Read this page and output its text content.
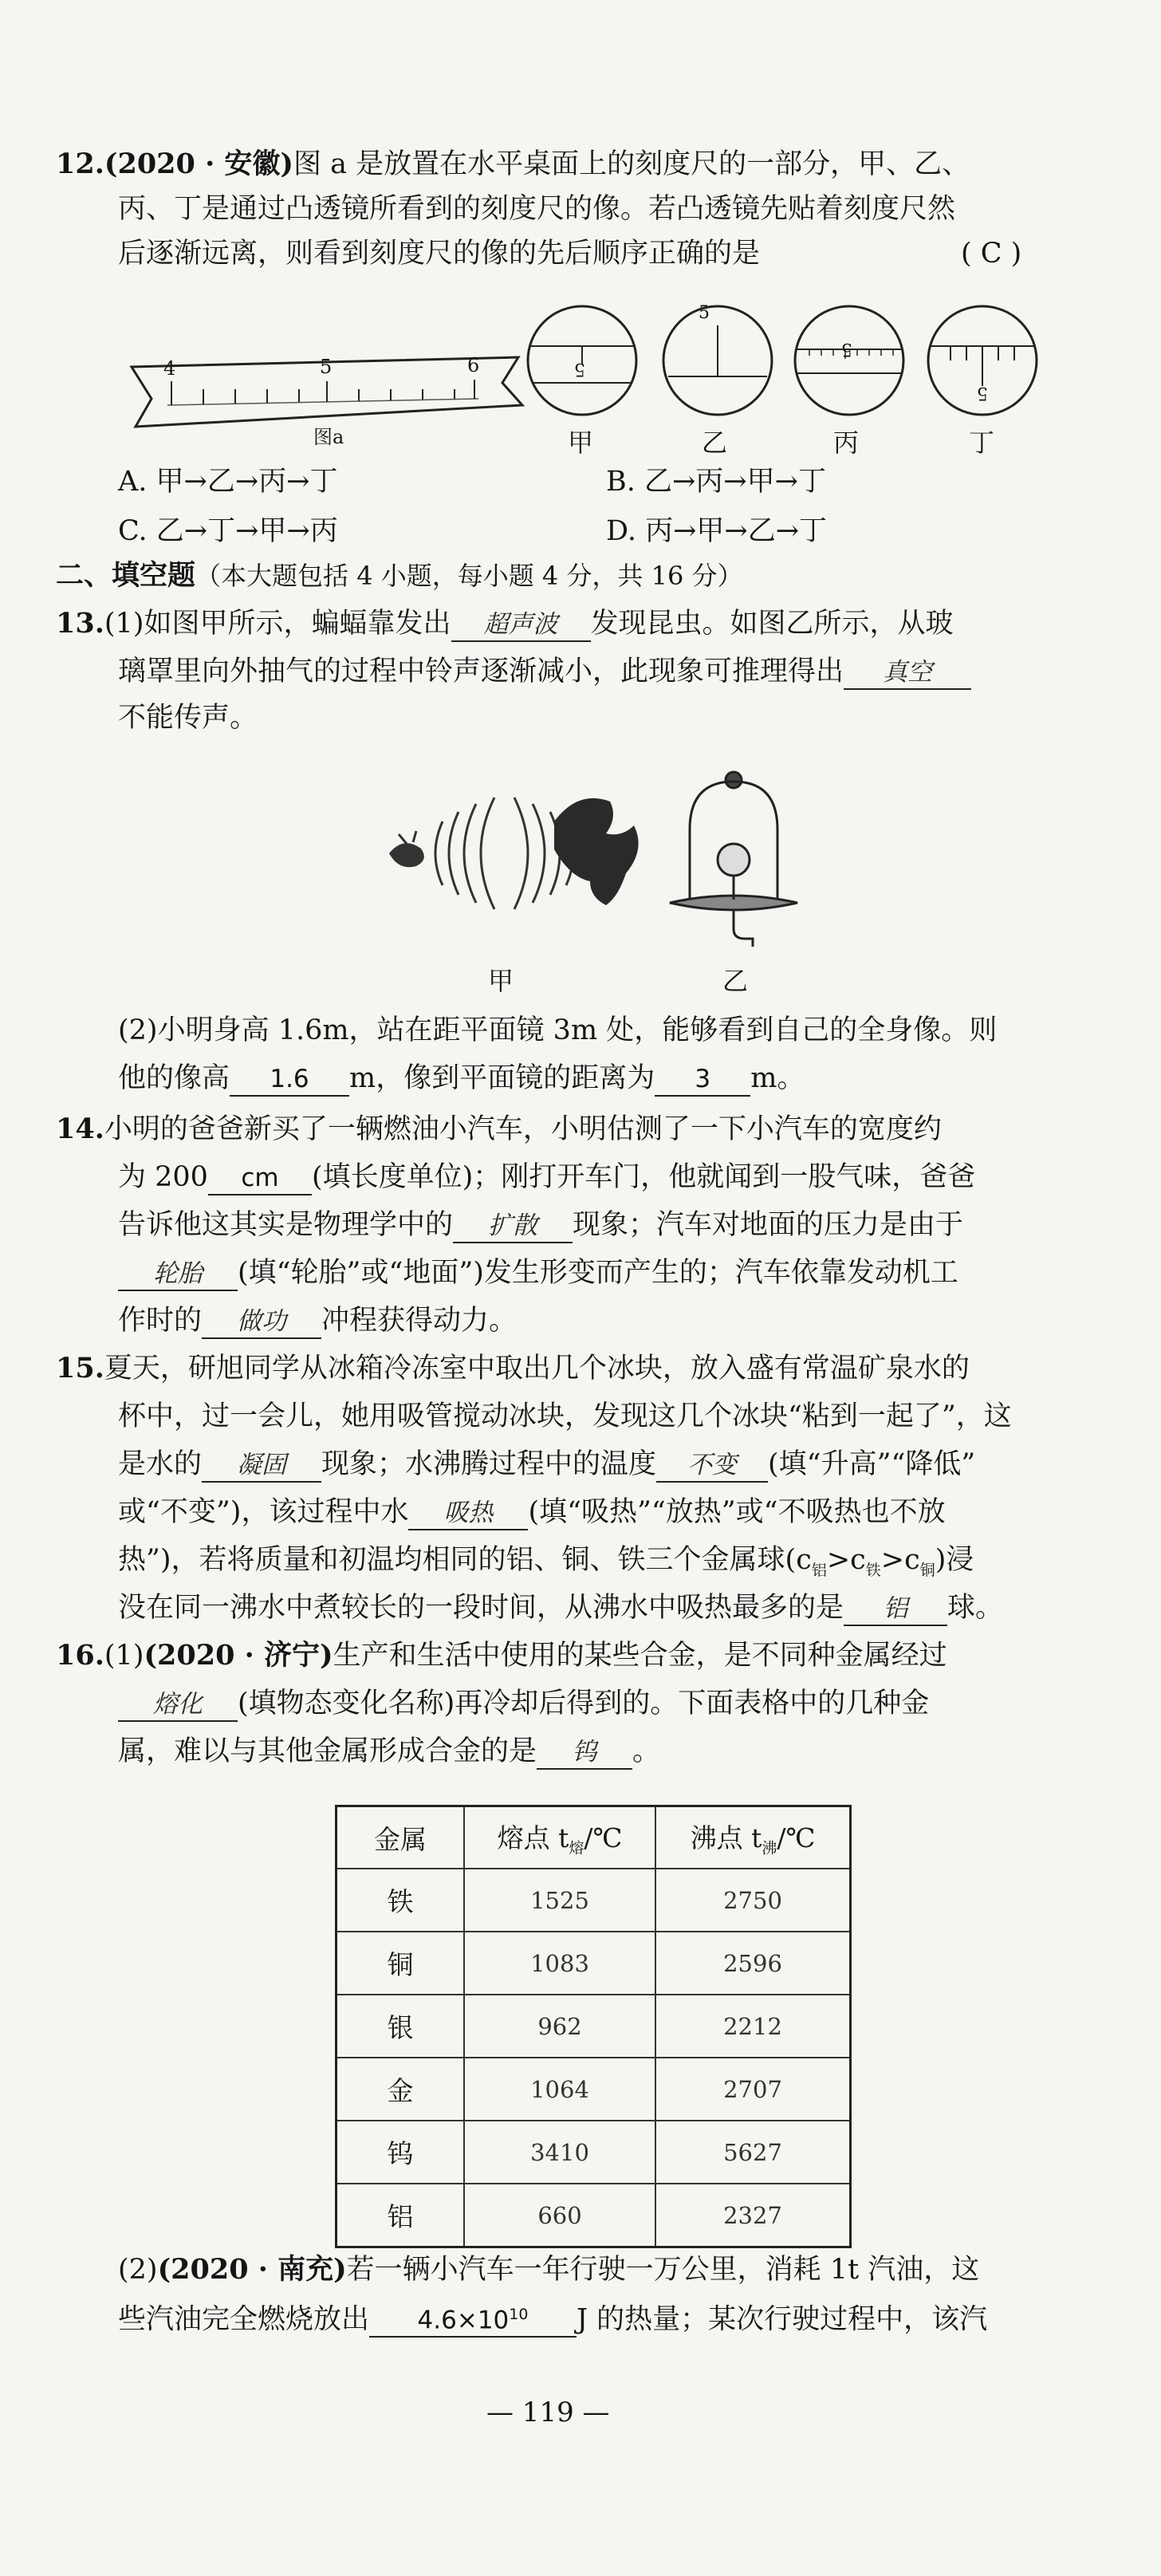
12.(2020 · 安徽)图 a 是放置在水平桌面上的刻度尺的一部分，甲、乙、
丙、丁是通过凸透镜所看到的刻度尺的像。若凸透镜先贴着刻度尺然
后逐渐远离，则看到刻度尺的像的先后顺序正确的是	( C )
4	5	6
图a
5
5
5
5
甲	乙	丙	丁
A. 甲→乙→丙→丁	B. 乙→丙→甲→丁
C. 乙→丁→甲→丙	D. 丙→甲→乙→丁
二、填空题（本大题包括 4 小题，每小题 4 分，共 16 分）
13.(1)如图甲所示，蝙蝠靠发出 超声波 发现昆虫。如图乙所示，从玻
璃罩里向外抽气的过程中铃声逐渐减小，此现象可推理得出 真空
不能传声。
甲	乙
(2)小明身高 1.6m，站在距平面镜 3m 处，能够看到自己的全身像。则
他的像高 1.6 m，像到平面镜的距离为 3 m。
14.小明的爸爸新买了一辆燃油小汽车，小明估测了一下小汽车的宽度约
为 200 cm (填长度单位)；刚打开车门，他就闻到一股气味，爸爸
告诉他这其实是物理学中的 扩散 现象；汽车对地面的压力是由于
轮胎 (填“轮胎”或“地面”)发生形变而产生的；汽车依靠发动机工
作时的 做功 冲程获得动力。
15.夏天，研旭同学从冰箱冷冻室中取出几个冰块，放入盛有常温矿泉水的
杯中，过一会儿，她用吸管搅动冰块，发现这几个冰块“粘到一起了”，这
是水的 凝固 现象；水沸腾过程中的温度 不变 (填“升高”“降低”
或“不变”)，该过程中水 吸热 (填“吸热”“放热”或“不吸热也不放
热”)，若将质量和初温均相同的铝、铜、铁三个金属球$(c_铝>c_铁>c_铜)$浸
没在同一沸水中煮较长的一段时间，从沸水中吸热最多的是 铝 球。
16.(1)(2020 · 济宁)生产和生活中使用的某些合金，是不同种金属经过
熔化 (填物态变化名称)再冷却后得到的。下面表格中的几种金
属，难以与其他金属形成合金的是 钨 。
金属	熔点 $t_熔/℃$	沸点 $t_沸/℃$
铁	1525	2750
铜	1083	2596
银	962	2212
金	1064	2707
钨	3410	5627
铝	660	2327
(2)(2020 · 南充)若一辆小汽车一年行驶一万公里，消耗 1t 汽油，这
些汽油完全燃烧放出 $4.6\times 10^{10}$ J 的热量；某次行驶过程中，该汽
— 119 —
